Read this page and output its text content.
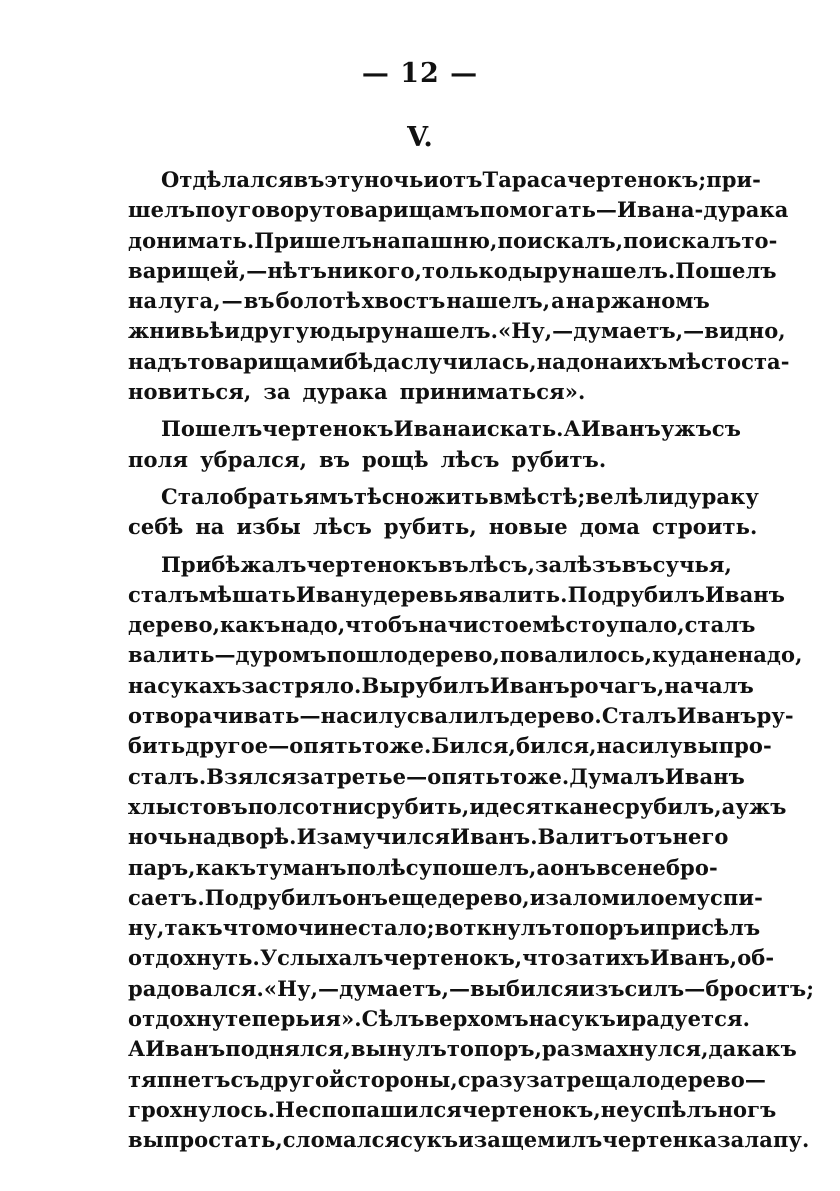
— 12 —
V.
Отдѣлался въ эту ночь и отъ Тараса чертенокъ; при-
шелъ по уговору товарищамъ помогать — Ивана-дурака
донимать. Пришелъ на пашню, поискалъ, поискалъ то-
варищей,—нѣтъ никого, только дыру нашелъ. Пошелъ
на луга, — въ болотѣ хвостъ нашелъ, а на ржаномъ
жнивьѣ и другую дыру нашелъ. «Ну,—думаетъ,— видно,
надъ товарищами бѣда случилась, надо на ихъ мѣсто ста-
новиться, за дурака приниматься».
Пошелъ чертенокъ Ивана искать. А Иванъ ужъ съ
поля убрался, въ рощѣ лѣсъ рубитъ.
Стало братьямъ тѣсно жить вмѣстѣ; велѣли дураку
себѣ на избы лѣсъ рубить, новые дома строить.
Прибѣжалъ чертенокъ въ лѣсъ, залѣзъ въ сучья,
сталъ мѣшать Ивану деревья валить. Подрубилъ Иванъ
дерево, какъ надо, чтобъ на чистое мѣсто упало, сталъ
валить—дуромъ пошло дерево, повалилось, куда не надо,
на сукахъ застряло. Вырубилъ Иванъ рочагъ, началъ
отворачивать—насилу свалилъ дерево. Сталъ Иванъ ру-
бить другое—опять то же. Бился, бился, насилу выпро-
сталъ. Взялся за третье — опять то же. Думалъ Иванъ
хлыстовъ полсотни срубить, и десятка не срубилъ, а ужъ
ночь на дворѣ. И замучился Иванъ. Валитъ отъ него
паръ, какъ туманъ по лѣсу пошелъ, а онъ все не бро-
саетъ. Подрубилъ онъ еще дерево, и заломило ему спи-
ну, такъ что мочи не стало; воткнулъ топоръ и присѣлъ
отдохнуть. Услыхалъ чертенокъ, что затихъ Иванъ, об-
радовался. «Ну,—думаетъ,—выбился изъ силъ—броситъ;
отдохну теперь и я». Сѣлъ верхомъ на сукъ и радуется.
А Иванъ поднялся, вынулъ топоръ, размахнулся, да какъ
тяпнетъ съ другой стороны, сразу затрещало дерево—
грохнулось. Не спопашился чертенокъ, не успѣлъ ногъ
выпростать, сломался сукъ и защемилъ чертенка за лапу.
